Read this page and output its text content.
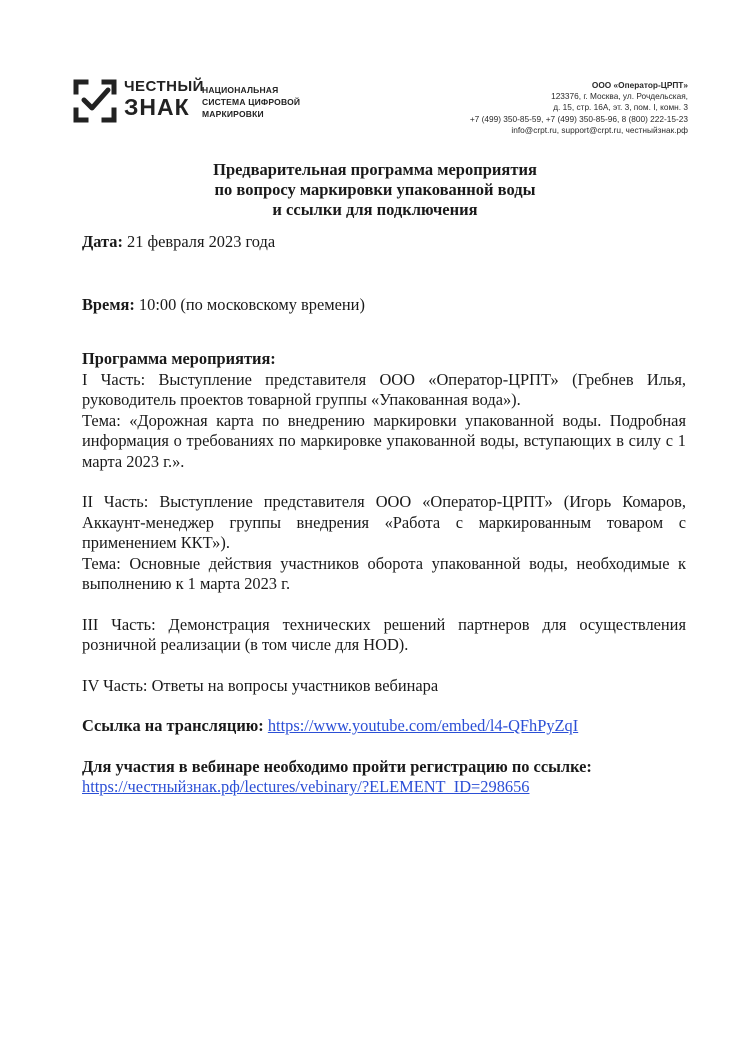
ЧЕСТНЫЙ
ЗНАК
НАЦИОНАЛЬНАЯ
СИСТЕМА ЦИФРОВОЙ
МАРКИРОВКИ
ООО «Оператор-ЦРПТ»
123376, г. Москва, ул. Рочдельская,
д. 15, стр. 16А, эт. 3, пом. I, комн. 3
+7 (499) 350-85-59, +7 (499) 350-85-96, 8 (800) 222-15-23
info@crpt.ru, support@crpt.ru, честныйзнак.рф
Предварительная программа мероприятия
по вопросу маркировки упакованной воды
и ссылки для подключения

Дата: 21 февраля 2023 года

Время: 10:00 (по московскому времени)

Программа мероприятия:

I Часть: Выступление представителя ООО «Оператор-ЦРПТ» (Гребнев Илья, руководитель проектов товарной группы «Упакованная вода»).

Тема: «Дорожная карта по внедрению маркировки упакованной воды. Подробная информация о требованиях по маркировке упакованной воды, вступающих в силу с 1 марта 2023 г.».

II Часть: Выступление представителя ООО «Оператор-ЦРПТ» (Игорь Комаров, Аккаунт-менеджер группы внедрения «Работа с маркированным товаром с применением ККТ»).

Тема: Основные действия участников оборота упакованной воды, необходимые к выполнению к 1 марта 2023 г.

III Часть: Демонстрация технических решений партнеров для осуществления розничной реализации (в том числе для HOD).

IV Часть: Ответы на вопросы участников вебинара

Ссылка на трансляцию: https://www.youtube.com/embed/l4-QFhPyZqI

Для участия в вебинаре необходимо пройти регистрацию по ссылке:

https://честныйзнак.рф/lectures/vebinary/?ELEMENT_ID=298656
